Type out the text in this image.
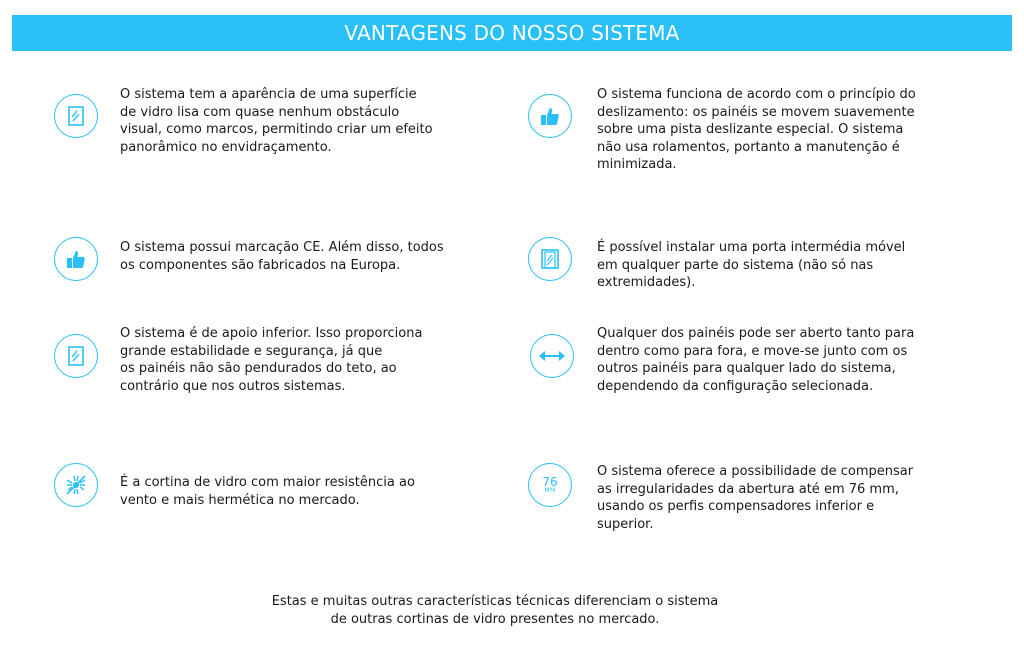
VANTAGENS DO NOSSO SISTEMA
O sistema tem a aparência de uma superfície
de vidro lisa com quase nenhum obstáculo
visual, como marcos, permitindo criar um efeito
panorâmico no envidraçamento.
O sistema possui marcação CE. Além disso, todos
os componentes são fabricados na Europa.
O sistema é de apoio inferior. Isso proporciona
grande estabilidade e segurança, já que
os painéis não são pendurados do teto, ao
contrário que nos outros sistemas.
É a cortina de vidro com maior resistência ao
vento e mais hermética no mercado.
O sistema funciona de acordo com o princípio do
deslizamento: os painéis se movem suavemente
sobre uma pista deslizante especial. O sistema
não usa rolamentos, portanto a manutenção é
minimizada.
É possível instalar uma porta intermédia móvel
em qualquer parte do sistema (não só nas
extremidades).
Qualquer dos painéis pode ser aberto tanto para
dentro como para fora, e move-se junto com os
outros painéis para qualquer lado do sistema,
dependendo da configuração selecionada.
76
MM
O sistema oferece a possibilidade de compensar
as irregularidades da abertura até em 76 mm,
usando os perfis compensadores inferior e
superior.
Estas e muitas outras características técnicas diferenciam o sistema
de outras cortinas de vidro presentes no mercado.
